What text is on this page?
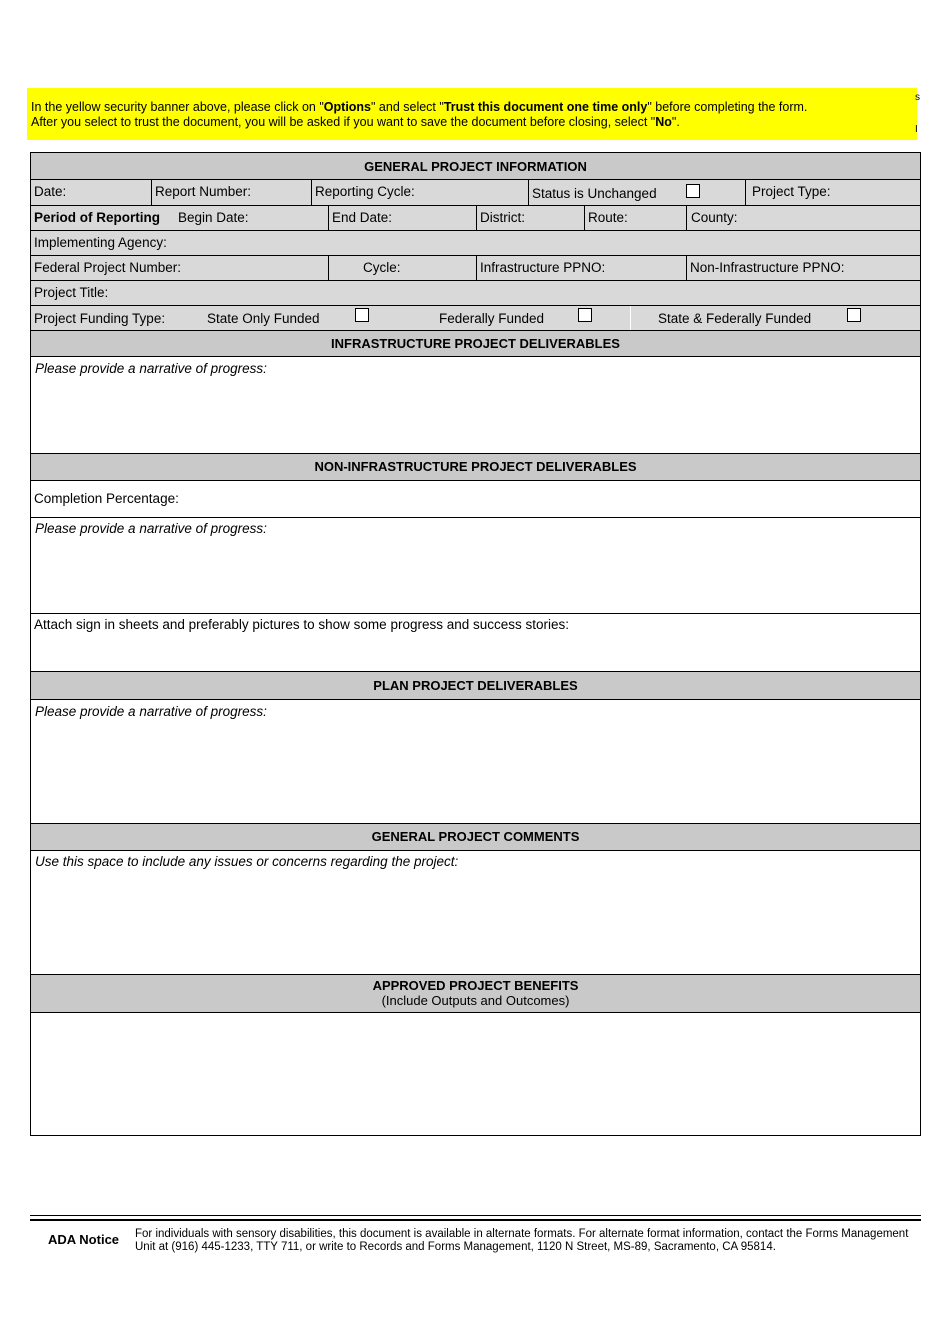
In the yellow security banner above, please click on "Options" and select "Trust this document one time only" before completing the form.
After you select to trust the document, you will be asked if you want to save the document before closing, select "No".
s
I
GENERAL PROJECT INFORMATION
Date:	Report Number:	Reporting Cycle:	Status is Unchanged	Project Type:
Period of Reporting	Begin Date:	End Date:	District:	Route:	County:
Implementing Agency:
Federal Project Number:	Cycle:	Infrastructure PPNO:	Non-Infrastructure PPNO:
Project Title:
Project Funding Type:	State Only Funded	Federally Funded	State & Federally Funded
INFRASTRUCTURE PROJECT DELIVERABLES
Please provide a narrative of progress:
NON-INFRASTRUCTURE PROJECT DELIVERABLES
Completion Percentage:
Please provide a narrative of progress:
Attach sign in sheets and preferably pictures to show some progress and success stories:
PLAN PROJECT DELIVERABLES
Please provide a narrative of progress:
GENERAL PROJECT COMMENTS
Use this space to include any issues or concerns regarding the project:
APPROVED PROJECT BENEFITS
(Include Outputs and Outcomes)
ADA Notice For individuals with sensory disabilities, this document is available in alternate formats. For alternate format information, contact the Forms Management Unit at (916) 445-1233, TTY 711, or write to Records and Forms Management, 1120 N Street, MS-89, Sacramento, CA 95814.
